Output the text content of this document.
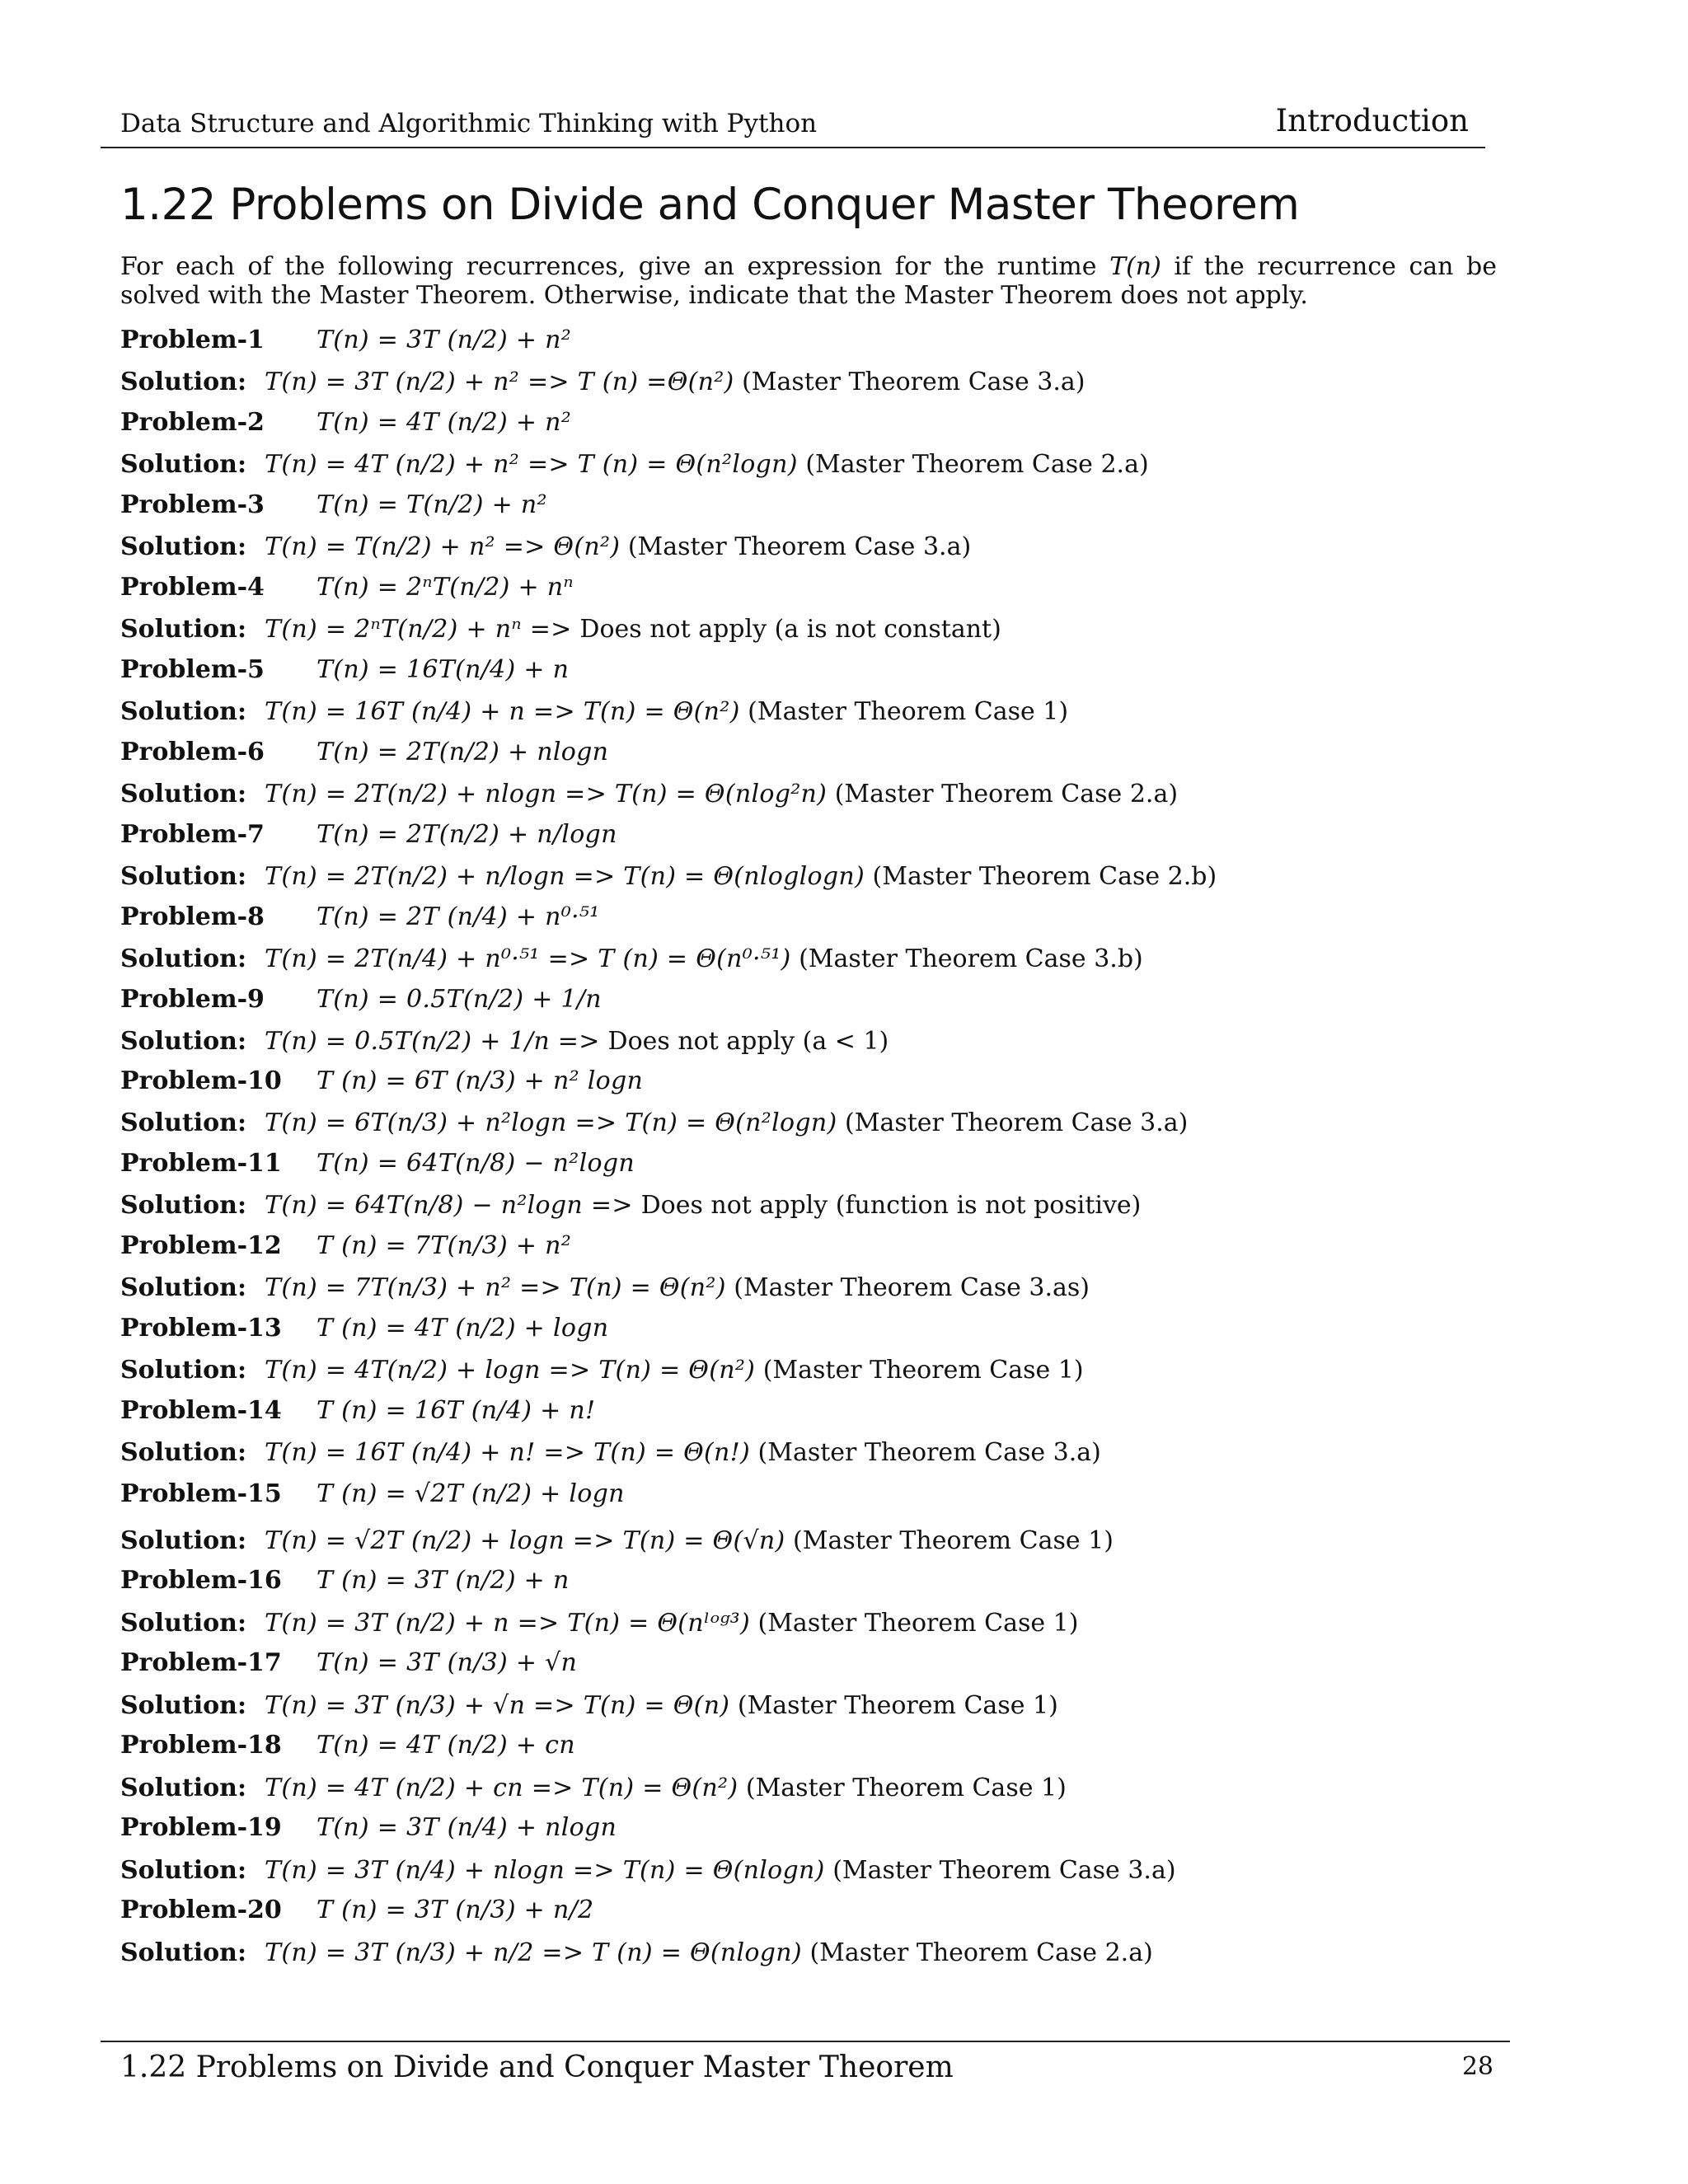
Data Structure and Algorithmic Thinking with Python	Introduction
1.22 Problems on Divide and Conquer Master Theorem
For each of the following recurrences, give an expression for the runtime T(n) if the recurrence can be solved with the Master Theorem. Otherwise, indicate that the Master Theorem does not apply.
Problem-1 T(n) = 3T (n/2) + n²
Solution: T(n) = 3T (n/2) + n² => T (n) =Θ(n²) (Master Theorem Case 3.a)
Problem-2 T(n) = 4T (n/2) + n²
Solution: T(n) = 4T (n/2) + n² => T (n) = Θ(n²logn) (Master Theorem Case 2.a)
Problem-3 T(n) = T(n/2) + n²
Solution: T(n) = T(n/2) + n² => Θ(n²) (Master Theorem Case 3.a)
Problem-4 T(n) = 2ⁿT(n/2) + nⁿ
Solution: T(n) = 2ⁿT(n/2) + nⁿ => Does not apply (a is not constant)
Problem-5 T(n) = 16T(n/4) + n
Solution: T(n) = 16T (n/4) + n => T(n) = Θ(n²) (Master Theorem Case 1)
Problem-6 T(n) = 2T(n/2) + nlogn
Solution: T(n) = 2T(n/2) + nlogn => T(n) = Θ(nlog²n) (Master Theorem Case 2.a)
Problem-7 T(n) = 2T(n/2) + n/logn
Solution: T(n) = 2T(n/2) + n/logn => T(n) = Θ(nloglogn) (Master Theorem Case 2.b)
Problem-8 T(n) = 2T (n/4) + n⁰·⁵¹
Solution: T(n) = 2T(n/4) + n⁰·⁵¹ => T (n) = Θ(n⁰·⁵¹) (Master Theorem Case 3.b)
Problem-9 T(n) = 0.5T(n/2) + 1/n
Solution: T(n) = 0.5T(n/2) + 1/n => Does not apply (a < 1)
Problem-10 T (n) = 6T (n/3) + n² logn
Solution: T(n) = 6T(n/3) + n²logn => T(n) = Θ(n²logn) (Master Theorem Case 3.a)
Problem-11 T(n) = 64T(n/8) − n²logn
Solution: T(n) = 64T(n/8) − n²logn => Does not apply (function is not positive)
Problem-12 T (n) = 7T(n/3) + n²
Solution: T(n) = 7T(n/3) + n² => T(n) = Θ(n²) (Master Theorem Case 3.as)
Problem-13 T (n) = 4T (n/2) + logn
Solution: T(n) = 4T(n/2) + logn => T(n) = Θ(n²) (Master Theorem Case 1)
Problem-14 T (n) = 16T (n/4) + n!
Solution: T(n) = 16T (n/4) + n! => T(n) = Θ(n!) (Master Theorem Case 3.a)
Problem-15 T (n) = √2T (n/2) + logn
Solution: T(n) = √2T (n/2) + logn => T(n) = Θ(√n) (Master Theorem Case 1)
Problem-16 T (n) = 3T (n/2) + n
Solution: T(n) = 3T (n/2) + n => T(n) = Θ(nˡᵒᵍ³) (Master Theorem Case 1)
Problem-17 T(n) = 3T (n/3) + √n
Solution: T(n) = 3T (n/3) + √n => T(n) = Θ(n) (Master Theorem Case 1)
Problem-18 T(n) = 4T (n/2) + cn
Solution: T(n) = 4T (n/2) + cn => T(n) = Θ(n²) (Master Theorem Case 1)
Problem-19 T(n) = 3T (n/4) + nlogn
Solution: T(n) = 3T (n/4) + nlogn => T(n) = Θ(nlogn) (Master Theorem Case 3.a)
Problem-20 T (n) = 3T (n/3) + n/2
Solution: T(n) = 3T (n/3) + n/2 => T (n) = Θ(nlogn) (Master Theorem Case 2.a)
1.22 Problems on Divide and Conquer Master Theorem	28
